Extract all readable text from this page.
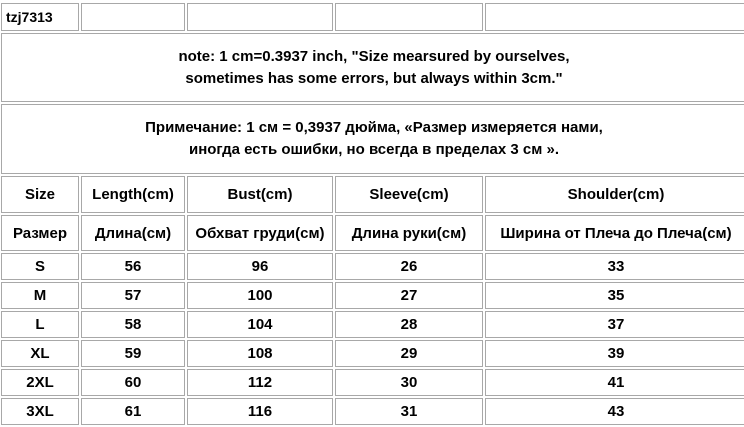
tzj7313				

note: 1 cm=0.3937 inch, "Size mearsured by ourselves,
sometimes has some errors, but always within 3cm."				

Примечание: 1 см = 0,3937 дюйма, «Размер измеряется нами,
иногда есть ошибки, но всегда в пределах 3 см ».				

Size	Length(cm)	Bust(cm)	Sleeve(cm)	Shoulder(cm)
Размер	Длина(см)	Обхват груди(см)	Длина руки(см)	Ширина от Плеча до Плеча(см)
S	56	96	26	33
M	57	100	27	35
L	58	104	28	37
XL	59	108	29	39
2XL	60	112	30	41
3XL	61	116	31	43
